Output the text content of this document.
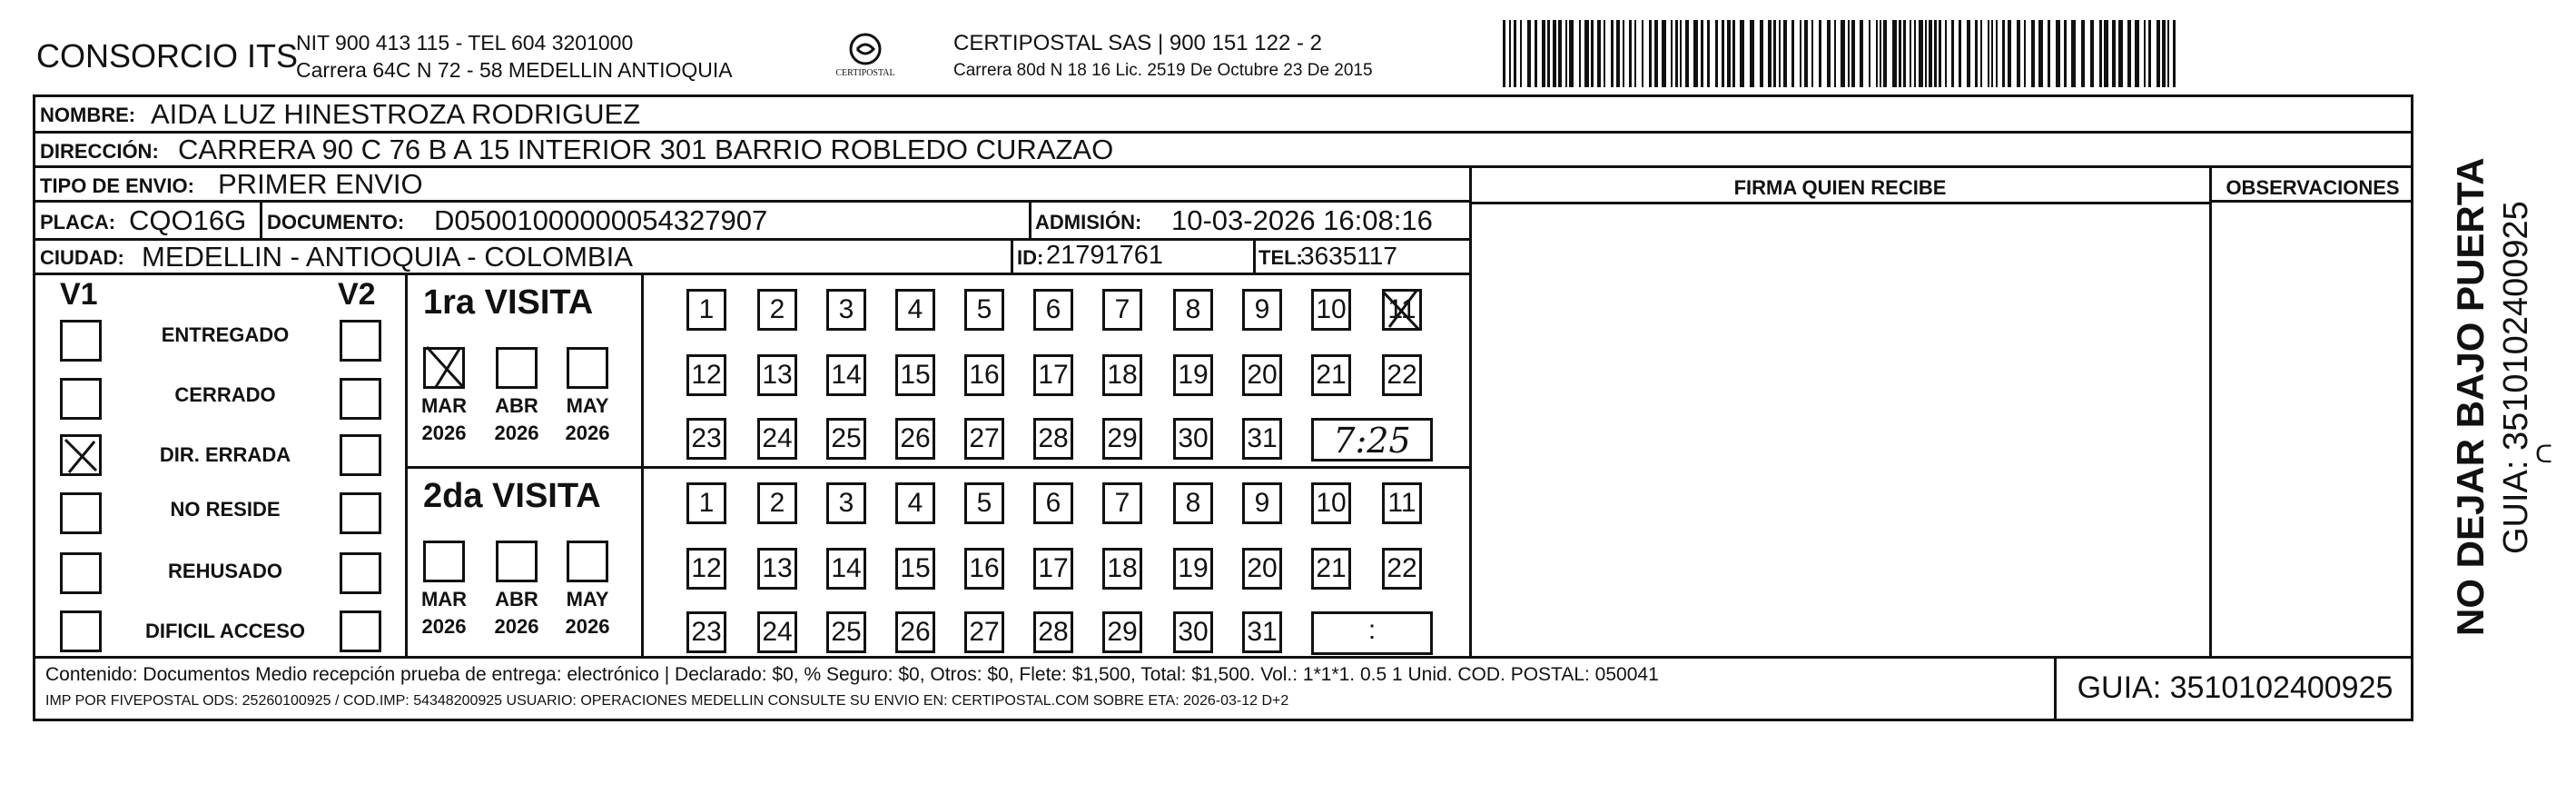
CONSORCIO ITS
NIT 900 413 115 - TEL 604 3201000
Carrera 64C N 72 - 58 MEDELLIN ANTIOQUIA	CERTIPOSTAL
CERTIPOSTAL SAS | 900 151 122 - 2
Carrera 80d N 18 16 Lic. 2519 De Octubre 23 De 2015
NOMBRE: AIDA LUZ HINESTROZA RODRIGUEZ
DIRECCIÓN: CARRERA 90 C 76 B A 15 INTERIOR 301 BARRIO ROBLEDO CURAZAO
TIPO DE ENVIO: PRIMER ENVIO	FIRMA QUIEN RECIBE	OBSERVACIONES
PLACA: CQO16G DOCUMENTO: D05001000000054327907	ADMISIÓN: 10-03-2026 16:08:16
CIUDAD: MEDELLIN - ANTIOQUIA - COLOMBIA	ID: 21791761	TEL:
3635117
V1	V2
ENTREGADO
CERRADO
DIR. ERRADA
NO RESIDE
REHUSADO
DIFICIL ACCESO
1ra VISITA
MAR
2026
ABR
2026
MAY
2026
1	2	3	4	5	6	7	8	9	10 11
12 13 14 15 16 17 18 19 20 21 22
23 24 25 26 27 28 29 30 31	7:25
2da VISITA
MAR
2026
ABR
2026
MAY
2026
1	2	3	4	5	6	7	8	9	10 11
12 13 14 15 16 17 18 19 20 21 22
23 24 25 26 27 28 29 30 31	:
Contenido: Documentos Medio recepción prueba de entrega: electrónico | Declarado: $0, % Seguro: $0, Otros: $0, Flete: $1,500, Total: $1,500. Vol.: 1*1*1. 0.5 1 Unid. COD. POSTAL: 050041
IMP POR FIVEPOSTAL ODS: 25260100925 / COD.IMP: 54348200925 USUARIO: OPERACIONES MEDELLIN CONSULTE SU ENVIO EN: CERTIPOSTAL.COM SOBRE ETA: 2026-03-12 D+2	GUIA: 3510102400925
NO DEJAR BAJO PUERTA GUIA: 3510102400925 ᑕ
